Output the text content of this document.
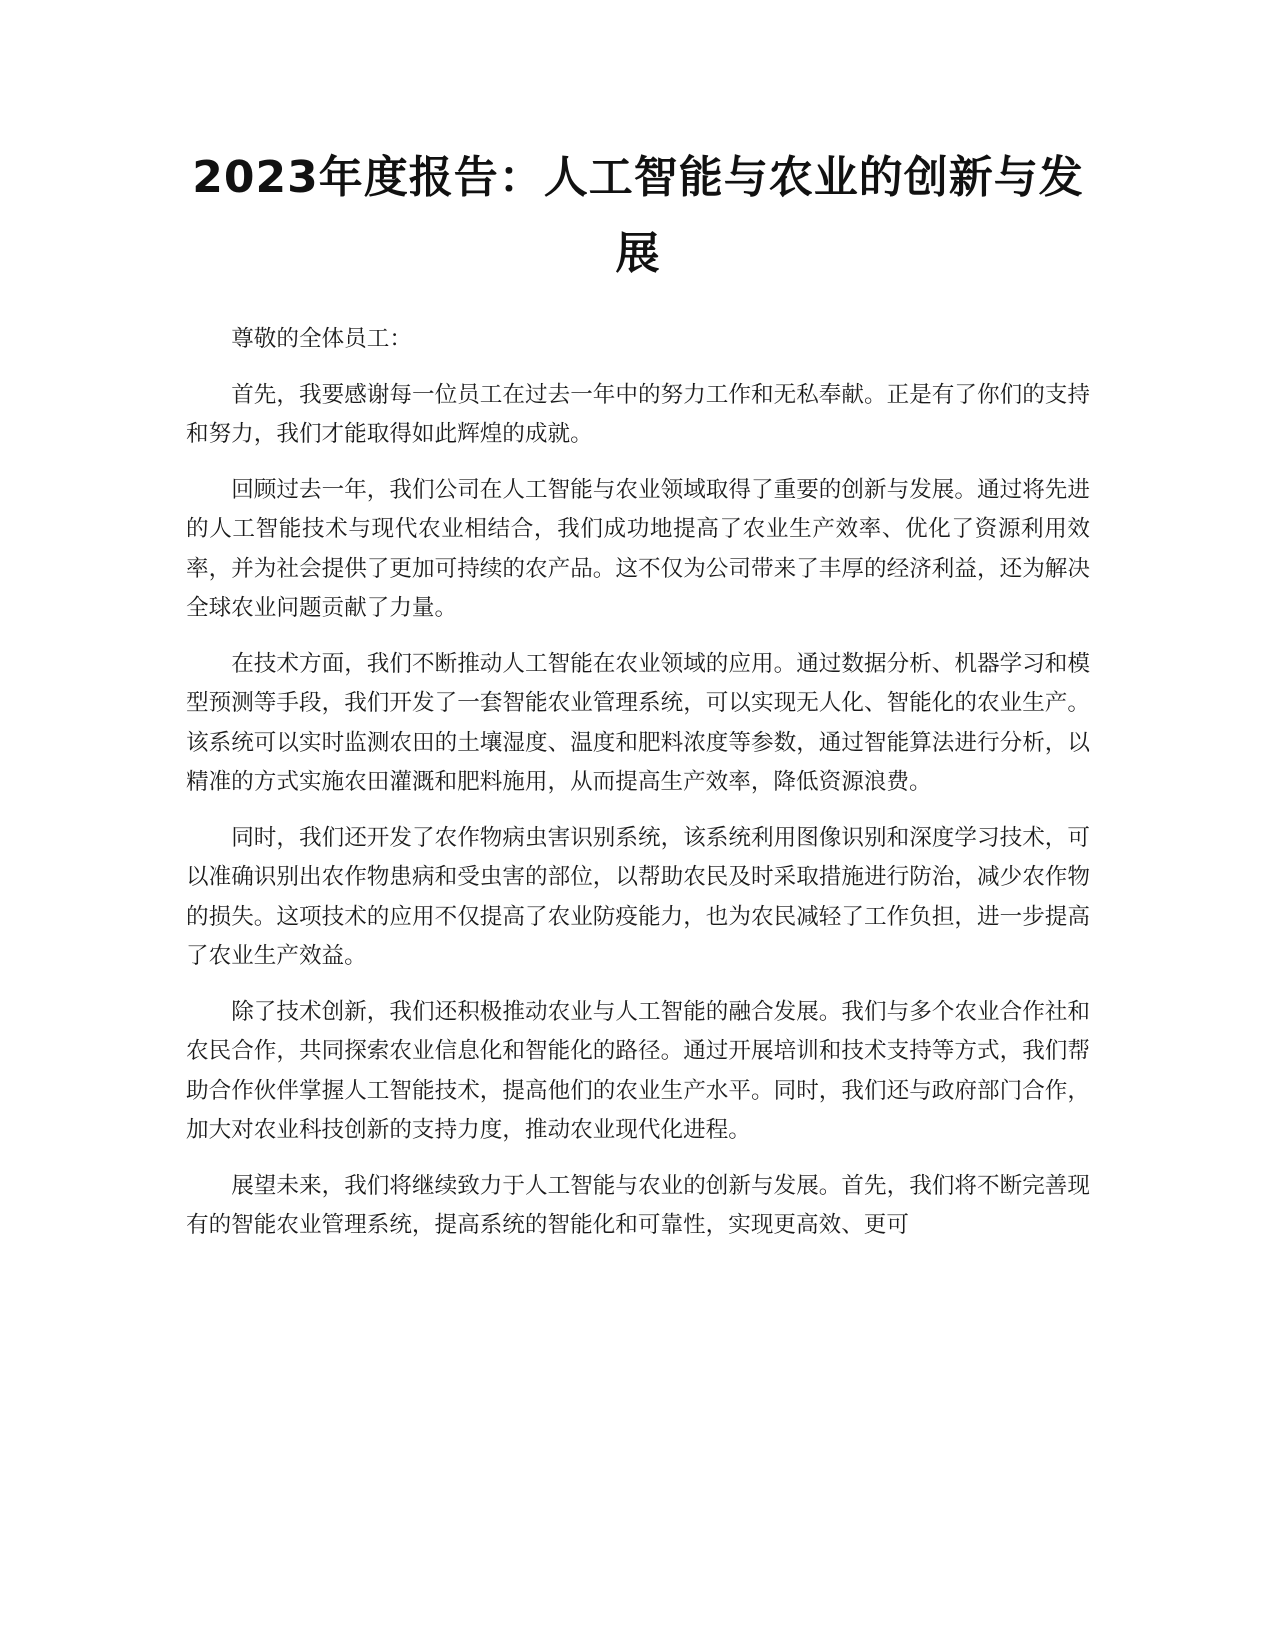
2023年度报告：人工智能与农业的创新与发展

尊敬的全体员工：

首先，我要感谢每一位员工在过去一年中的努力工作和无私奉献。正是有了你们的支持和努力，我们才能取得如此辉煌的成就。

回顾过去一年，我们公司在人工智能与农业领域取得了重要的创新与发展。通过将先进的人工智能技术与现代农业相结合，我们成功地提高了农业生产效率、优化了资源利用效率，并为社会提供了更加可持续的农产品。这不仅为公司带来了丰厚的经济利益，还为解决全球农业问题贡献了力量。

在技术方面，我们不断推动人工智能在农业领域的应用。通过数据分析、机器学习和模型预测等手段，我们开发了一套智能农业管理系统，可以实现无人化、智能化的农业生产。该系统可以实时监测农田的土壤湿度、温度和肥料浓度等参数，通过智能算法进行分析，以精准的方式实施农田灌溉和肥料施用，从而提高生产效率，降低资源浪费。

同时，我们还开发了农作物病虫害识别系统，该系统利用图像识别和深度学习技术，可以准确识别出农作物患病和受虫害的部位，以帮助农民及时采取措施进行防治，减少农作物的损失。这项技术的应用不仅提高了农业防疫能力，也为农民减轻了工作负担，进一步提高了农业生产效益。

除了技术创新，我们还积极推动农业与人工智能的融合发展。我们与多个农业合作社和农民合作，共同探索农业信息化和智能化的路径。通过开展培训和技术支持等方式，我们帮助合作伙伴掌握人工智能技术，提高他们的农业生产水平。同时，我们还与政府部门合作，加大对农业科技创新的支持力度，推动农业现代化进程。

展望未来，我们将继续致力于人工智能与农业的创新与发展。首先，我们将不断完善现有的智能农业管理系统，提高系统的智能化和可靠性，实现更高效、更可
